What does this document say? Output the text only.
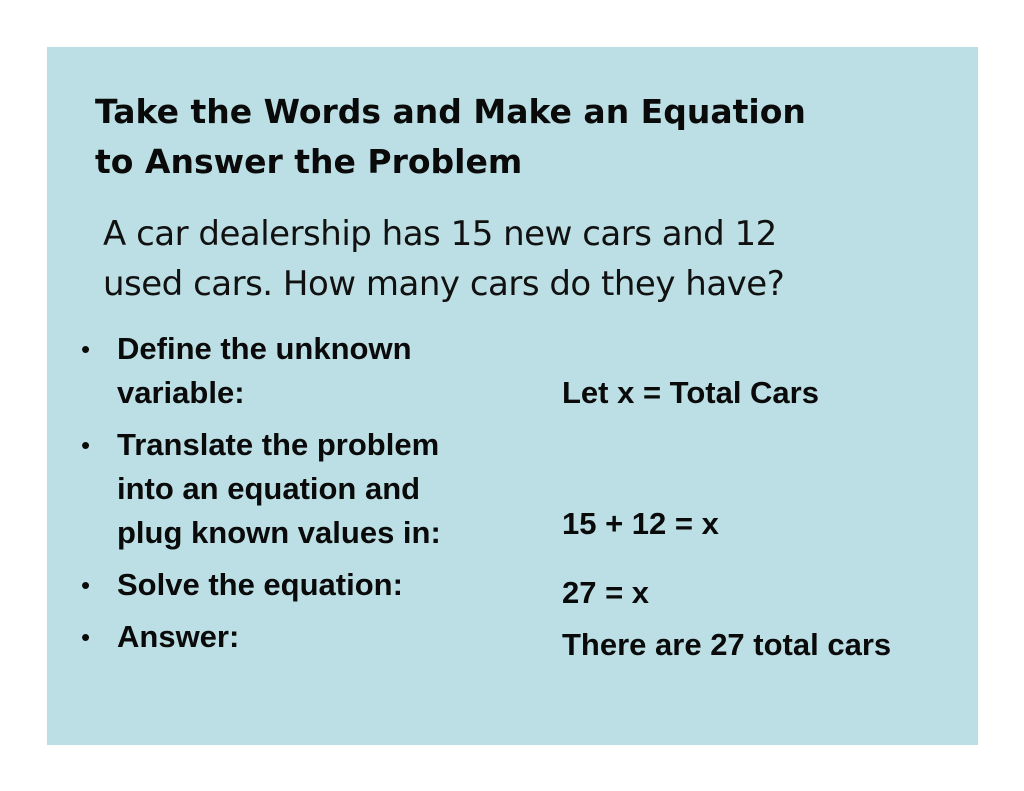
Take the Words and Make an Equation
to Answer the Problem

A car dealership has 15 new cars and 12
used cars. How many cars do they have?

• Define the unknown variable:
• Translate the problem into an equation and plug known values in:
• Solve the equation:
• Answer:

Let x = Total Cars

15 + 12 = x

27 = x

There are 27 total cars
